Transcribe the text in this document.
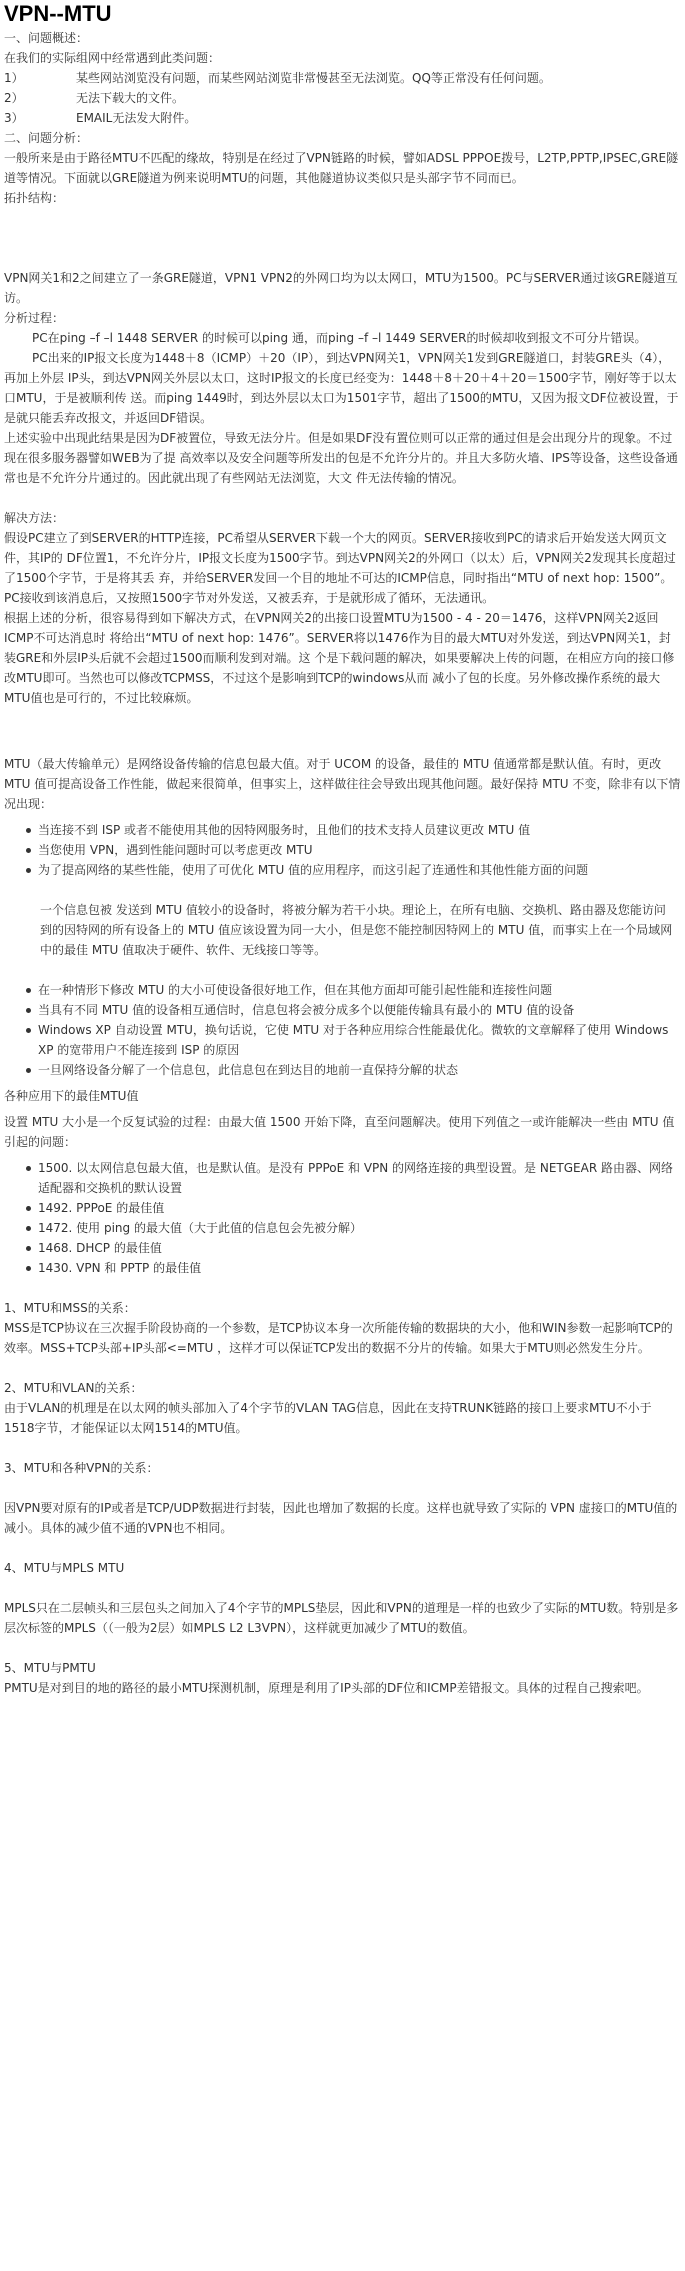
VPN--MTU

一、问题概述：

在我们的实际组网中经常遇到此类问题：

1）	某些网站浏览没有问题，而某些网站浏览非常慢甚至无法浏览。QQ等正常没有任何问题。
2）	无法下载大的文件。
3）	EMAIL无法发大附件。

二、问题分析：

一般所来是由于路径MTU不匹配的缘故，特别是在经过了VPN链路的时候，譬如ADSL PPPOE拨号，L2TP,PPTP,IPSEC,GRE隧道等情况。下面就以GRE隧道为例来说明MTU的问题，其他隧道协议类似只是头部字节不同而已。

拓扑结构：

VPN网关1和2之间建立了一条GRE隧道，VPN1 VPN2的外网口均为以太网口，MTU为1500。PC与SERVER通过该GRE隧道互访。

分析过程：

PC在ping –f –l 1448 SERVER 的时候可以ping 通，而ping –f –l 1449 SERVER的时候却收到报文不可分片错误。

PC出来的IP报文长度为1448＋8（ICMP）＋20（IP），到达VPN网关1，VPN网关1发到GRE隧道口，封装GRE头（4），再加上外层 IP头，到达VPN网关外层以太口，这时IP报文的长度已经变为：1448＋8＋20＋4＋20＝1500字节，刚好等于以太口MTU，于是被顺利传 送。而ping 1449时，到达外层以太口为1501字节，超出了1500的MTU，又因为报文DF位被设置，于是就只能丢弃改报文，并返回DF错误。

上述实验中出现此结果是因为DF被置位，导致无法分片。但是如果DF没有置位则可以正常的通过但是会出现分片的现象。不过现在很多服务器譬如WEB为了提 高效率以及安全问题等所发出的包是不允许分片的。并且大多防火墙、IPS等设备，这些设备通常也是不允许分片通过的。因此就出现了有些网站无法浏览，大文 件无法传输的情况。

解决方法：

假设PC建立了到SERVER的HTTP连接，PC希望从SERVER下载一个大的网页。SERVER接收到PC的请求后开始发送大网页文件，其IP的 DF位置1，不允许分片，IP报文长度为1500字节。到达VPN网关2的外网口（以太）后，VPN网关2发现其长度超过了1500个字节，于是将其丢 弃，并给SERVER发回一个目的地址不可达的ICMP信息，同时指出“MTU of next hop: 1500”。PC接收到该消息后，又按照1500字节对外发送，又被丢弃，于是就形成了循环，无法通讯。

根据上述的分析，很容易得到如下解决方式，在VPN网关2的出接口设置MTU为1500 - 4 - 20＝1476，这样VPN网关2返回ICMP不可达消息时 将给出“MTU of next hop: 1476”。SERVER将以1476作为目的最大MTU对外发送，到达VPN网关1，封装GRE和外层IP头后就不会超过1500而顺利发到对端。这 个是下载问题的解决，如果要解决上传的问题，在相应方向的接口修改MTU即可。当然也可以修改TCPMSS，不过这个是影响到TCP的windows从而 减小了包的长度。另外修改操作系统的最大MTU值也是可行的，不过比较麻烦。

MTU（最大传输单元）是网络设备传输的信息包最大值。对于 UCOM 的设备，最佳的 MTU 值通常都是默认值。有时，更改 MTU 值可提高设备工作性能，做起来很简单，但事实上，这样做往往会导致出现其他问题。最好保持 MTU 不变，除非有以下情况出现：

当连接不到 ISP 或者不能使用其他的因特网服务时，且他们的技术支持人员建议更改 MTU 值
当您使用 VPN，遇到性能问题时可以考虑更改 MTU
为了提高网络的某些性能，使用了可优化 MTU 值的应用程序，而这引起了连通性和其他性能方面的问题

一个信息包被 发送到 MTU 值较小的设备时，将被分解为若干小块。理论上，在所有电脑、交换机、路由器及您能访问到的因特网的所有设备上的 MTU 值应该设置为同一大小，但是您不能控制因特网上的 MTU 值，而事实上在一个局域网中的最佳 MTU 值取决于硬件、软件、无线接口等等。

在一种情形下修改 MTU 的大小可使设备很好地工作，但在其他方面却可能引起性能和连接性问题
当具有不同 MTU 值的设备相互通信时，信息包将会被分成多个以便能传输具有最小的 MTU 值的设备
Windows XP 自动设置 MTU，换句话说，它使 MTU 对于各种应用综合性能最优化。微软的文章解释了使用 Windows XP 的宽带用户不能连接到 ISP 的原因
一旦网络设备分解了一个信息包，此信息包在到达目的地前一直保持分解的状态

各种应用下的最佳MTU值

设置 MTU 大小是一个反复试验的过程：由最大值 1500 开始下降，直至问题解决。使用下列值之一或许能解决一些由 MTU 值引起的问题：

1500. 以太网信息包最大值，也是默认值。是没有 PPPoE 和 VPN 的网络连接的典型设置。是 NETGEAR 路由器、网络适配器和交换机的默认设置
1492. PPPoE 的最佳值
1472. 使用 ping 的最大值（大于此值的信息包会先被分解）
1468. DHCP 的最佳值
1430. VPN 和 PPTP 的最佳值

1、MTU和MSS的关系：

MSS是TCP协议在三次握手阶段协商的一个参数，是TCP协议本身一次所能传输的数据块的大小，他和WIN参数一起影响TCP的效率。MSS+TCP头部+IP头部<=MTU ，这样才可以保证TCP发出的数据不分片的传输。如果大于MTU则必然发生分片。

2、MTU和VLAN的关系：

由于VLAN的机理是在以太网的帧头部加入了4个字节的VLAN TAG信息，因此在支持TRUNK链路的接口上要求MTU不小于1518字节，才能保证以太网1514的MTU值。

3、MTU和各种VPN的关系：

因VPN要对原有的IP或者是TCP/UDP数据进行封装，因此也增加了数据的长度。这样也就导致了实际的 VPN 虚接口的MTU值的减小。具体的减少值不通的VPN也不相同。

4、MTU与MPLS MTU

MPLS只在二层帧头和三层包头之间加入了4个字节的MPLS垫层，因此和VPN的道理是一样的也致少了实际的MTU数。特别是多层次标签的MPLS（（一般为2层）如MPLS L2 L3VPN），这样就更加减少了MTU的数值。

5、MTU与PMTU

PMTU是对到目的地的路径的最小MTU探测机制，原理是利用了IP头部的DF位和ICMP差错报文。具体的过程自己搜索吧。
